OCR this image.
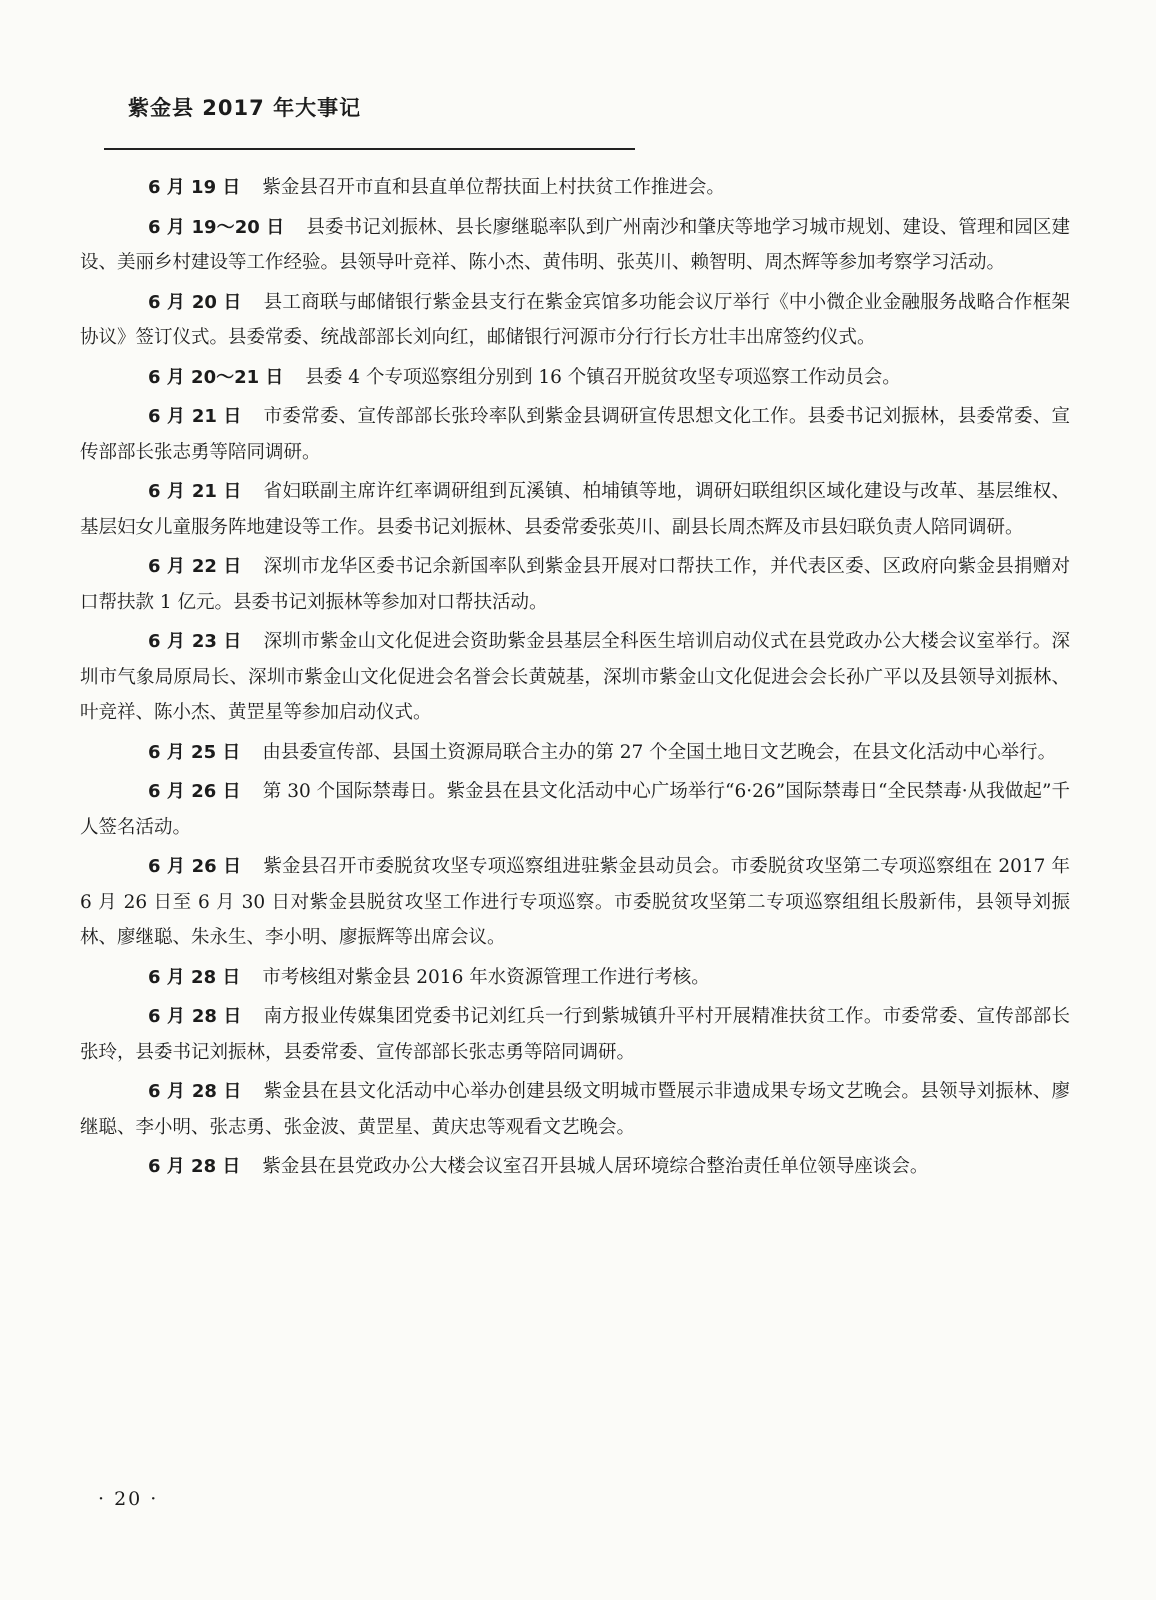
紫金县 2017 年大事记

6 月 19 日 紫金县召开市直和县直单位帮扶面上村扶贫工作推进会。

6 月 19～20 日 县委书记刘振林、县长廖继聪率队到广州南沙和肇庆等地学习城市规划、建设、管理和园区建设、美丽乡村建设等工作经验。县领导叶竞祥、陈小杰、黄伟明、张英川、赖智明、周杰辉等参加考察学习活动。

6 月 20 日 县工商联与邮储银行紫金县支行在紫金宾馆多功能会议厅举行《中小微企业金融服务战略合作框架协议》签订仪式。县委常委、统战部部长刘向红，邮储银行河源市分行行长方壮丰出席签约仪式。

6 月 20～21 日 县委 4 个专项巡察组分别到 16 个镇召开脱贫攻坚专项巡察工作动员会。

6 月 21 日 市委常委、宣传部部长张玲率队到紫金县调研宣传思想文化工作。县委书记刘振林，县委常委、宣传部部长张志勇等陪同调研。

6 月 21 日 省妇联副主席许红率调研组到瓦溪镇、柏埔镇等地，调研妇联组织区域化建设与改革、基层维权、基层妇女儿童服务阵地建设等工作。县委书记刘振林、县委常委张英川、副县长周杰辉及市县妇联负责人陪同调研。

6 月 22 日 深圳市龙华区委书记余新国率队到紫金县开展对口帮扶工作，并代表区委、区政府向紫金县捐赠对口帮扶款 1 亿元。县委书记刘振林等参加对口帮扶活动。

6 月 23 日 深圳市紫金山文化促进会资助紫金县基层全科医生培训启动仪式在县党政办公大楼会议室举行。深圳市气象局原局长、深圳市紫金山文化促进会名誉会长黄兢基，深圳市紫金山文化促进会会长孙广平以及县领导刘振林、叶竞祥、陈小杰、黄罡星等参加启动仪式。

6 月 25 日 由县委宣传部、县国土资源局联合主办的第 27 个全国土地日文艺晚会，在县文化活动中心举行。

6 月 26 日 第 30 个国际禁毒日。紫金县在县文化活动中心广场举行“6·26”国际禁毒日“全民禁毒·从我做起”千人签名活动。

6 月 26 日 紫金县召开市委脱贫攻坚专项巡察组进驻紫金县动员会。市委脱贫攻坚第二专项巡察组在 2017 年 6 月 26 日至 6 月 30 日对紫金县脱贫攻坚工作进行专项巡察。市委脱贫攻坚第二专项巡察组组长殷新伟，县领导刘振林、廖继聪、朱永生、李小明、廖振辉等出席会议。

6 月 28 日 市考核组对紫金县 2016 年水资源管理工作进行考核。

6 月 28 日 南方报业传媒集团党委书记刘红兵一行到紫城镇升平村开展精准扶贫工作。市委常委、宣传部部长张玲，县委书记刘振林，县委常委、宣传部部长张志勇等陪同调研。

6 月 28 日 紫金县在县文化活动中心举办创建县级文明城市暨展示非遗成果专场文艺晚会。县领导刘振林、廖继聪、李小明、张志勇、张金波、黄罡星、黄庆忠等观看文艺晚会。

6 月 28 日 紫金县在县党政办公大楼会议室召开县城人居环境综合整治责任单位领导座谈会。

· 20 ·
